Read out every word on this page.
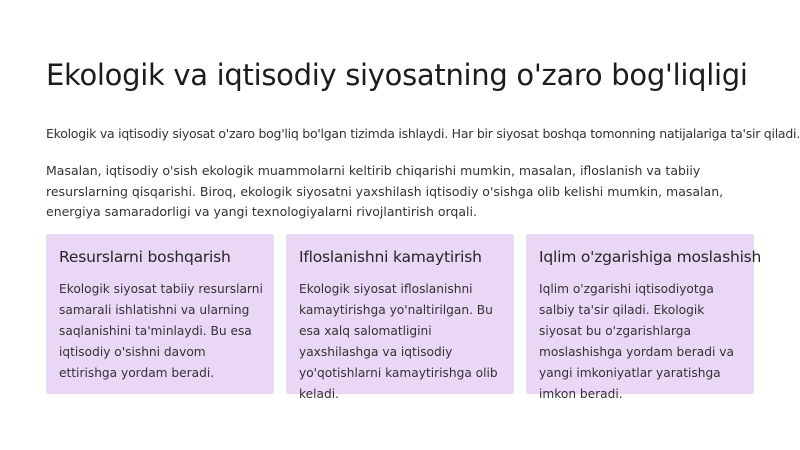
Ekologik va iqtisodiy siyosatning o'zaro bog'liqligi

Ekologik va iqtisodiy siyosat o'zaro bog'liq bo'lgan tizimda ishlaydi. Har bir siyosat boshqa tomonning natijalariga ta'sir qiladi.

Masalan, iqtisodiy o'sish ekologik muammolarni keltirib chiqarishi mumkin, masalan, ifloslanish va tabiiy resurslarning qisqarishi. Biroq, ekologik siyosatni yaxshilash iqtisodiy o'sishga olib kelishi mumkin, masalan, energiya samaradorligi va yangi texnologiyalarni rivojlantirish orqali.

Resurslarni boshqarish

Ekologik siyosat tabiiy resurslarni samarali ishlatishni va ularning saqlanishini ta'minlaydi. Bu esa iqtisodiy o'sishni davom ettirishga yordam beradi.

Ifloslanishni kamaytirish

Ekologik siyosat ifloslanishni kamaytirishga yo'naltirilgan. Bu esa xalq salomatligini yaxshilashga va iqtisodiy yo'qotishlarni kamaytirishga olib keladi.

Iqlim o'zgarishiga moslashish

Iqlim o'zgarishi iqtisodiyotga salbiy ta'sir qiladi. Ekologik siyosat bu o'zgarishlarga moslashishga yordam beradi va yangi imkoniyatlar yaratishga imkon beradi.
